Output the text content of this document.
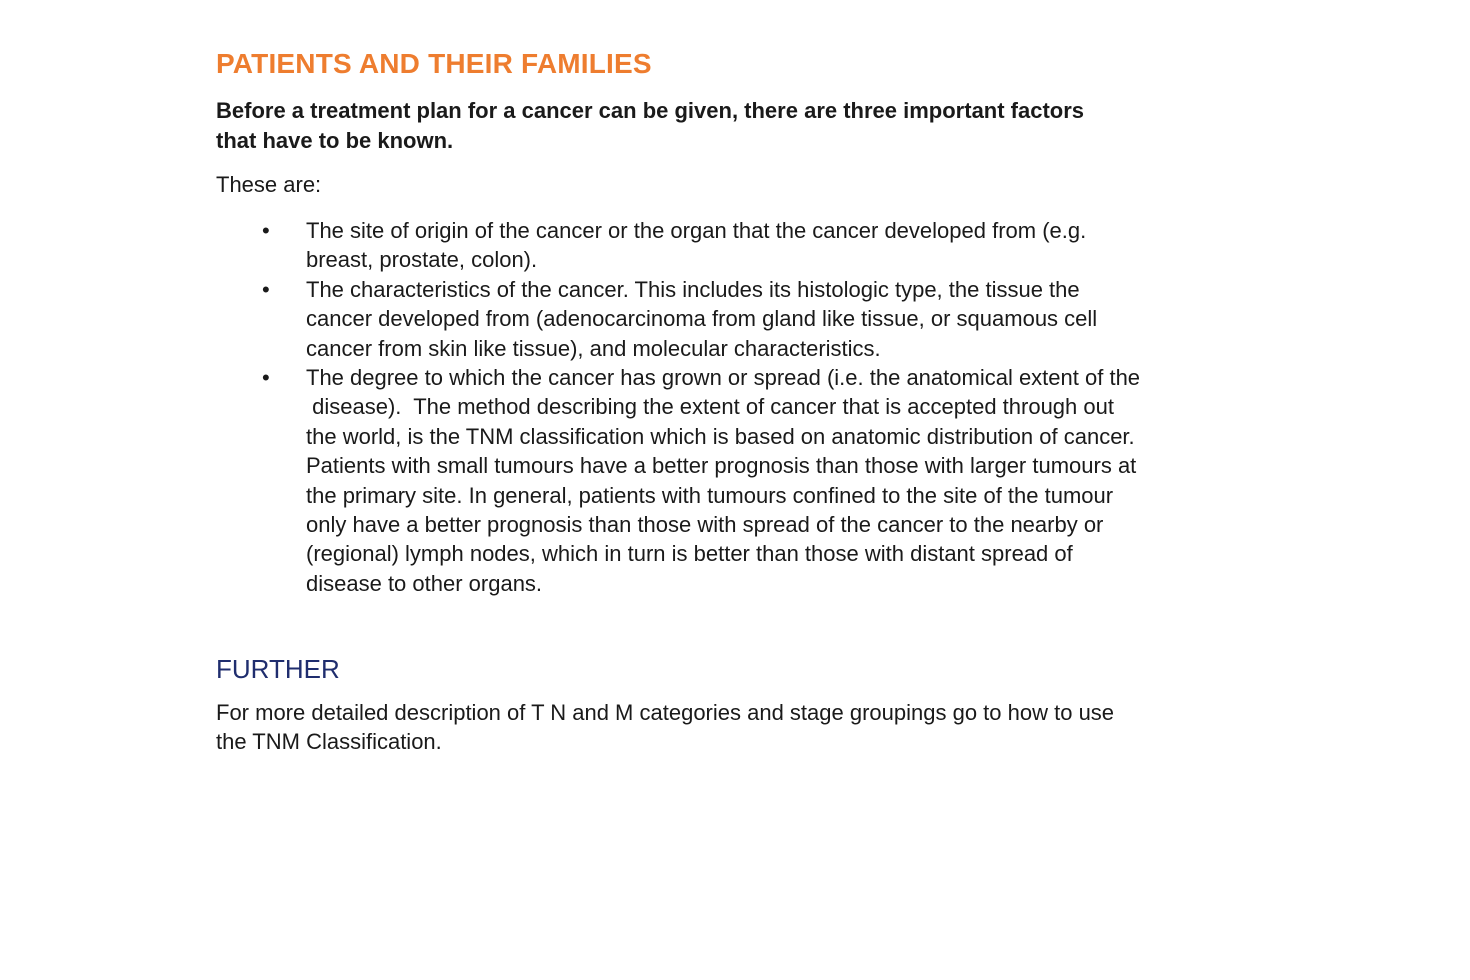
PATIENTS AND THEIR FAMILIES

Before a treatment plan for a cancer can be given, there are three important factors
that have to be known.

These are:

• The site of origin of the cancer or the organ that the cancer developed from (e.g.
breast, prostate, colon).
• The characteristics of the cancer. This includes its histologic type, the tissue the
cancer developed from (adenocarcinoma from gland like tissue, or squamous cell
cancer from skin like tissue), and molecular characteristics.
• The degree to which the cancer has grown or spread (i.e. the anatomical extent of the
disease).  The method describing the extent of cancer that is accepted through out
the world, is the TNM classification which is based on anatomic distribution of cancer.
Patients with small tumours have a better prognosis than those with larger tumours at
the primary site. In general, patients with tumours confined to the site of the tumour
only have a better prognosis than those with spread of the cancer to the nearby or
(regional) lymph nodes, which in turn is better than those with distant spread of
disease to other organs.
FURTHER

For more detailed description of T N and M categories and stage groupings go to how to use
the TNM Classification.
